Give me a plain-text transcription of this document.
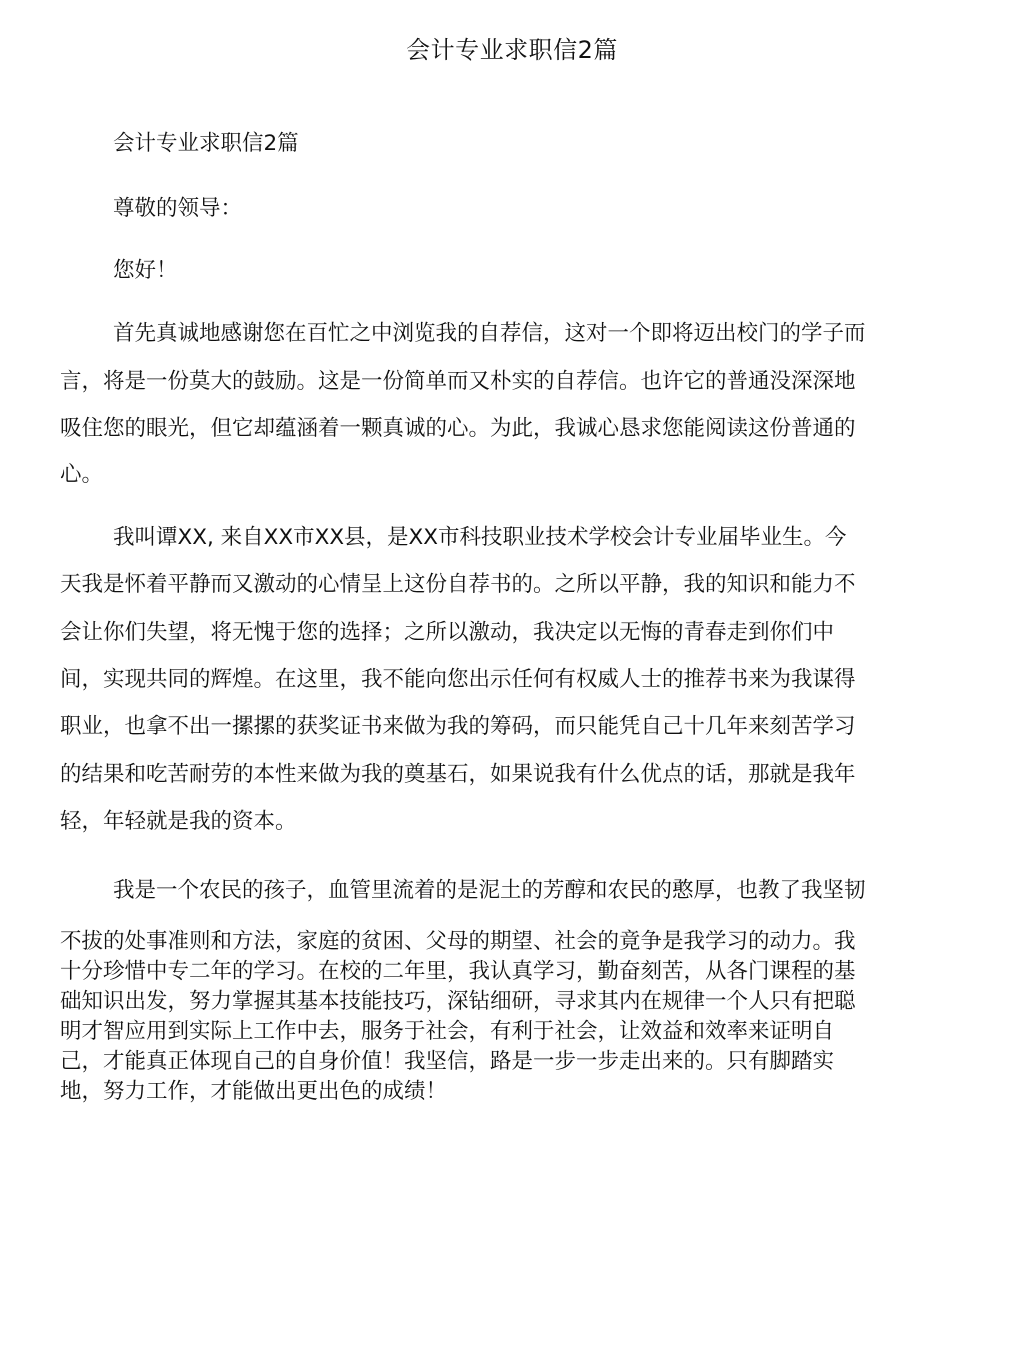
会计专业求职信2篇
会计专业求职信2篇
尊敬的领导：
您好！
首先真诚地感谢您在百忙之中浏览我的自荐信，这对一个即将迈出校门的学子而
言，将是一份莫大的鼓励。这是一份简单而又朴实的自荐信。也许它的普通没深深地
吸住您的眼光，但它却蕴涵着一颗真诚的心。为此，我诚心恳求您能阅读这份普通的
心。
我叫谭XX, 来自XX市XX县，是XX市科技职业技术学校会计专业届毕业生。今
天我是怀着平静而又激动的心情呈上这份自荐书的。之所以平静，我的知识和能力不
会让你们失望，将无愧于您的选择；之所以激动，我决定以无悔的青春走到你们中
间，实现共同的辉煌。在这里，我不能向您出示任何有权威人士的推荐书来为我谋得
职业，也拿不出一摞摞的获奖证书来做为我的筹码，而只能凭自己十几年来刻苦学习
的结果和吃苦耐劳的本性来做为我的奠基石，如果说我有什么优点的话，那就是我年
轻，年轻就是我的资本。
我是一个农民的孩子，血管里流着的是泥土的芳醇和农民的憨厚，也教了我坚韧
不拔的处事准则和方法，家庭的贫困、父母的期望、社会的竟争是我学习的动力。我
十分珍惜中专二年的学习。在校的二年里，我认真学习，勤奋刻苦，从各门课程的基
础知识出发，努力掌握其基本技能技巧，深钻细研，寻求其内在规律一个人只有把聪
明才智应用到实际上工作中去，服务于社会，有利于社会，让效益和效率来证明自
己，才能真正体现自己的自身价值！我坚信，路是一步一步走出来的。只有脚踏实
地，努力工作，才能做出更出色的成绩！
